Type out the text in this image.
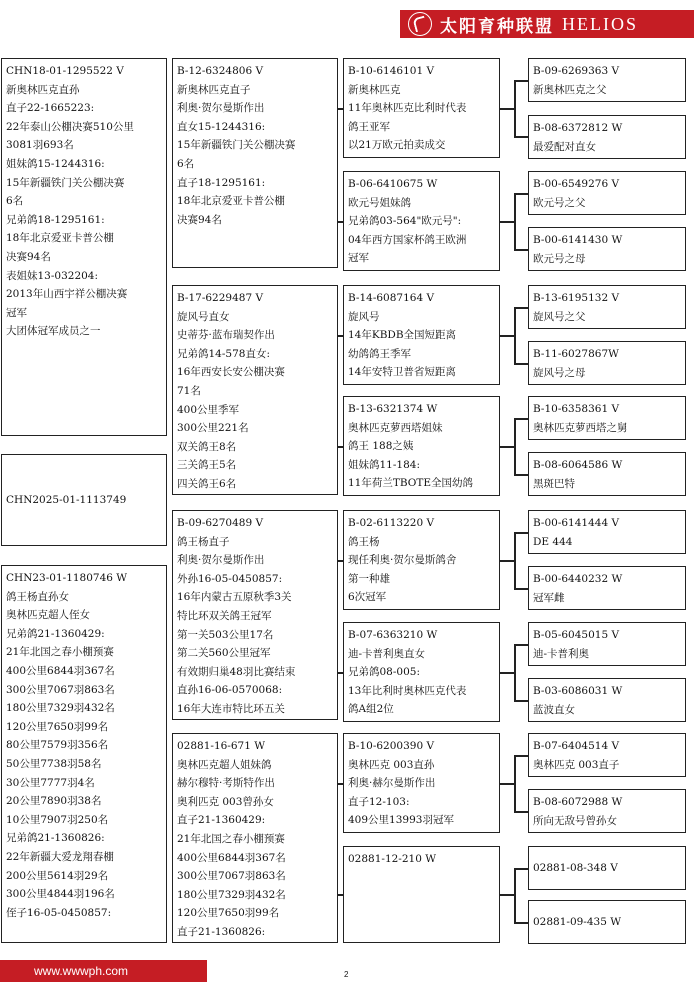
太阳育种联盟 HELIOS
CHN18-01-1295522 V
新奥林匹克直孙
直子22-1665223:
22年泰山公棚决赛510公里
3081羽693名
姐妹鸽15-1244316:
15年新疆铁门关公棚决赛
6名
兄弟鸽18-1295161:
18年北京爱亚卡普公棚
决赛94名
表姐妹13-032204:
2013年山西宇祥公棚决赛
冠军
大团体冠军成员之一
CHN2025-01-1113749
CHN23-01-1180746 W
鸽王杨直孙女
奥林匹克超人侄女
兄弟鸽21-1360429:
21年北国之春小棚预赛
400公里6844羽367名
300公里7067羽863名
180公里7329羽432名
120公里7650羽99名
80公里7579羽356名
50公里7738羽58名
30公里7777羽4名
20公里7890羽38名
10公里7907羽250名
兄弟鸽21-1360826:
22年新疆大爱龙翔春棚
200公里5614羽29名
300公里4844羽196名
侄子16-05-0450857:
B-12-6324806 V
新奥林匹克直子
利奥·贺尔曼斯作出
直女15-1244316:
15年新疆铁门关公棚决赛
6名
直子18-1295161:
18年北京爱亚卡普公棚
决赛94名
B-17-6229487 V
旋风号直女
史蒂芬·蓝布瑞契作出
兄弟鸽14-578直女:
16年西安长安公棚决赛
71名
400公里季军
300公里221名
双关鸽王8名
三关鸽王5名
四关鸽王6名
B-09-6270489 V
鸽王杨直子
利奥·贺尔曼斯作出
外孙16-05-0450857:
16年内蒙古五原秋季3关
特比环双关鸽王冠军
第一关503公里17名
第二关560公里冠军
有效期归巢48羽比赛结束
直孙16-06-0570068:
16年大连市特比环五关
02881-16-671 W
奥林匹克超人姐妹鸽
赫尔穆特·考斯特作出
奥利匹克 003曾孙女
直子21-1360429:
21年北国之春小棚预赛
400公里6844羽367名
300公里7067羽863名
180公里7329羽432名
120公里7650羽99名
直子21-1360826:
B-10-6146101 V
新奥林匹克
11年奥林匹克比利时代表
鸽王亚军
以21万欧元拍卖成交
B-06-6410675 W
欧元号姐妹鸽
兄弟鸽03-564"欧元号":
04年西方国家杯鸽王欧洲
冠军
B-14-6087164 V
旋风号
14年KBDB全国短距离
幼鸽鸽王季军
14年安特卫普省短距离
B-13-6321374 W
奥林匹克萝西塔姐妹
鸽王 188之姨
姐妹鸽11-184:
11年荷兰TBOTE全国幼鸽
B-02-6113220 V
鸽王杨
现任利奥·贺尔曼斯鸽舍
第一种雄
6次冠军
B-07-6363210 W
迪-卡普利奥直女
兄弟鸽08-005:
13年比利时奥林匹克代表
鸽A组2位
B-10-6200390 V
奥林匹克 003直孙
利奥·赫尔曼斯作出
直子12-103:
409公里13993羽冠军
02881-12-210 W
B-09-6269363 V
新奥林匹克之父
B-08-6372812 W
最爱配对直女
B-00-6549276 V
欧元号之父
B-00-6141430 W
欧元号之母
B-13-6195132 V
旋风号之父
B-11-6027867W
旋风号之母
B-10-6358361 V
奥林匹克萝西塔之舅
B-08-6064586 W
黑斑巴特
B-00-6141444 V
DE 444
B-00-6440232 W
冠军雌
B-05-6045015 V
迪-卡普利奥
B-03-6086031 W
蓝波直女
B-07-6404514 V
奥林匹克 003直子
B-08-6072988 W
所向无敌号曾孙女
02881-08-348 V
02881-09-435 W
www.wwwph.com	2
